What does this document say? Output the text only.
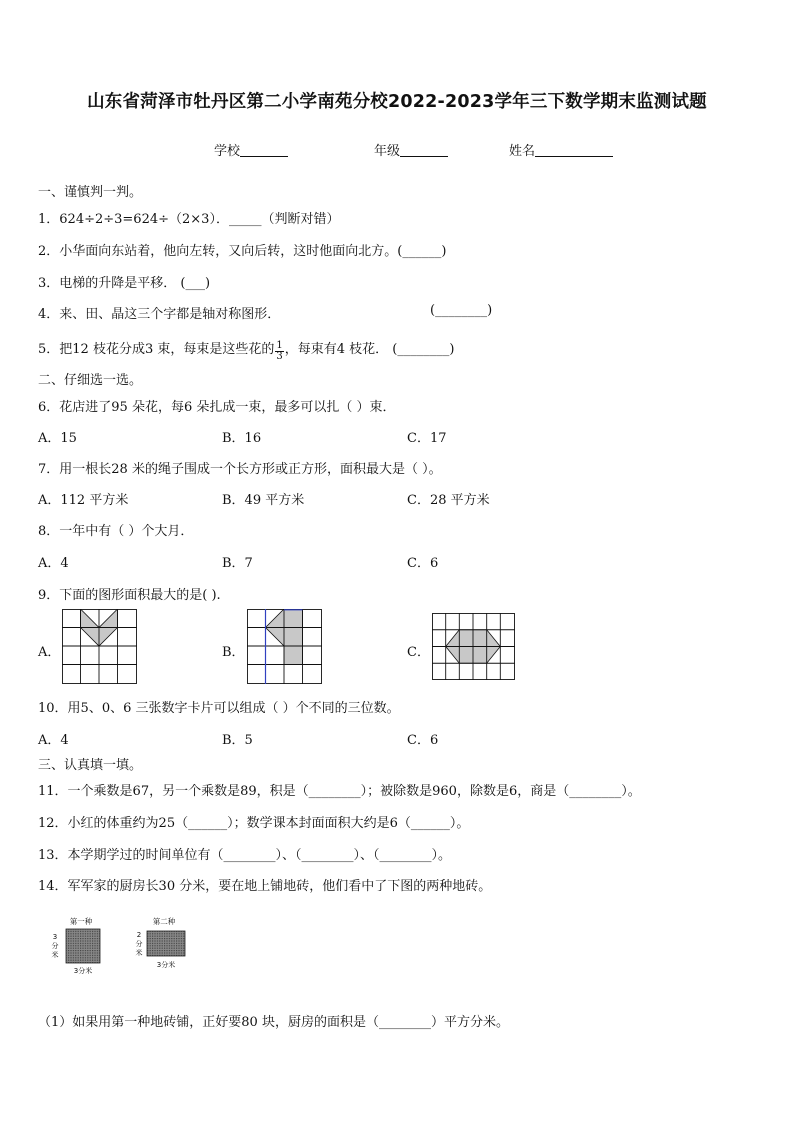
山东省菏泽市牡丹区第二小学南苑分校2022-2023学年三下数学期末监测试题
学校	年级	姓名
一、谨慎判一判。
1．624÷2÷3=624÷（2×3）．_____（判断对错）
2．小华面向东站着，他向左转，又向后转，这时他面向北方。(______)
3．电梯的升降是平移． (___)
4．来、田、晶这三个字都是轴对称图形．	(________)
5．把12 枝花分成3 束，每束是这些花的 $\frac{1}{3}$ ，每束有4 枝花． (________)
二、仔细选一选。
6．花店进了95 朵花，每6 朵扎成一束，最多可以扎（ ）束．
A．15	B．16	C．17
7．用一根长28 米的绳子围成一个长方形或正方形，面积最大是（ ）。
A．112 平方米	B．49 平方米	C．28 平方米
8．一年中有（ ）个大月．
A．4	B．7	C．6
9．下面的图形面积最大的是( ).
A．	B．	C．
10．用5、0、6 三张数字卡片可以组成（ ）个不同的三位数。
A．4	B．5	C．6
三、认真填一填。
11．一个乘数是67，另一个乘数是89，积是（________）；被除数是960，除数是6，商是（________）。
12．小红的体重约为25（______）；数学课本封面面积大约是6（______）。
13．本学期学过的时间单位有（________）、（________）、（________）。
14．军军家的厨房长30 分米，要在地上铺地砖，他们看中了下图的两种地砖。
第一种
3
分
米
3分米
第二种
2
分
米
3分米
（1）如果用第一种地砖铺，正好要80 块，厨房的面积是（________）平方分米。
